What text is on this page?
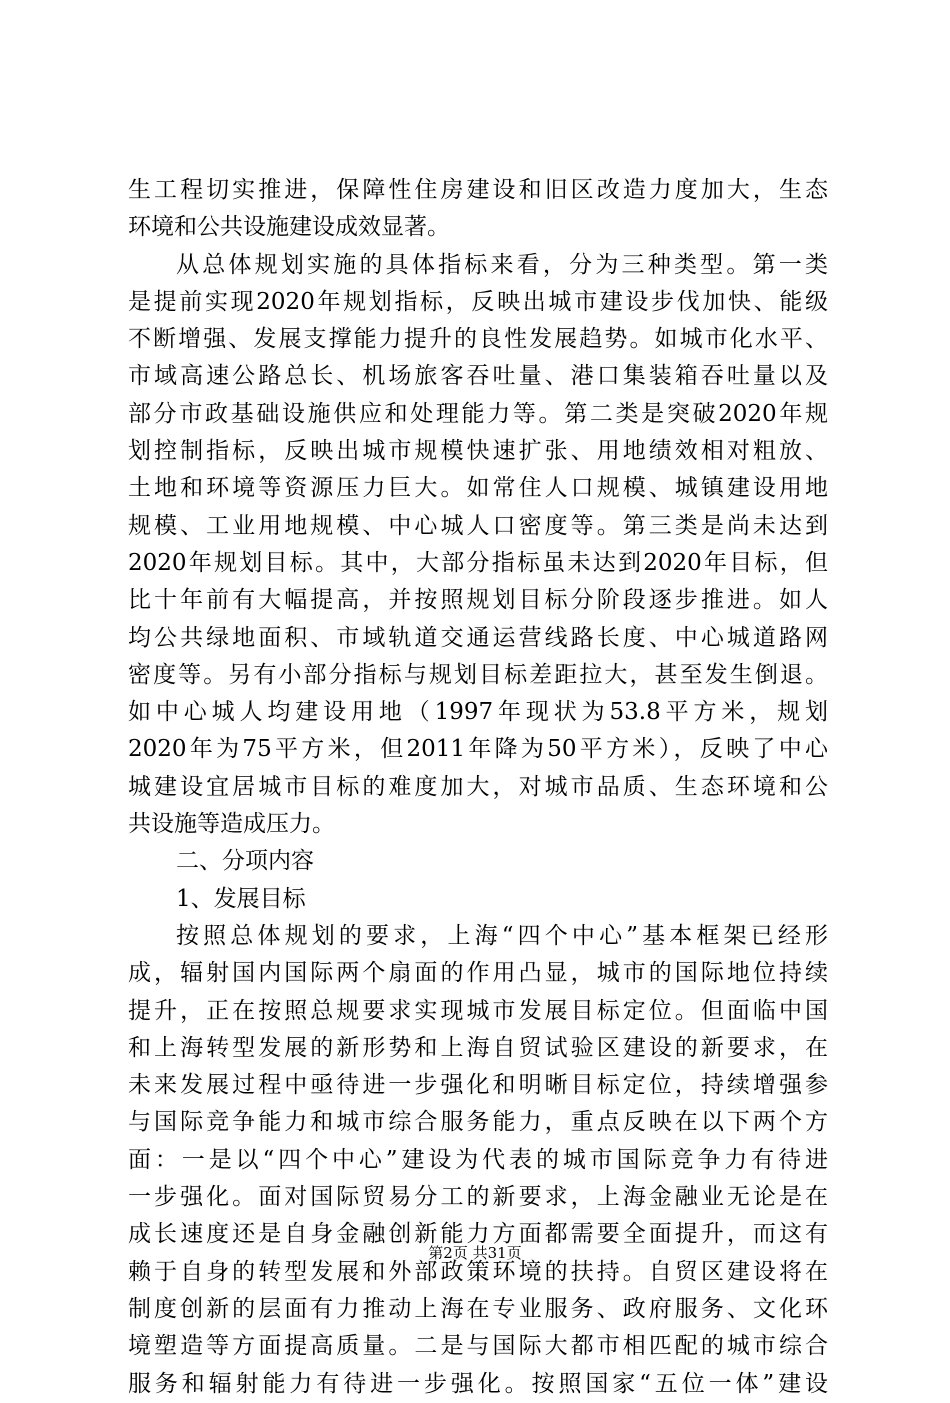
生工程切实推进，保障性住房建设和旧区改造力度加大，生态
环境和公共设施建设成效显著。
从总体规划实施的具体指标来看，分为三种类型。第一类
是提前实现2020年规划指标，反映出城市建设步伐加快、能级
不断增强、发展支撑能力提升的良性发展趋势。如城市化水平、
市域高速公路总长、机场旅客吞吐量、港口集装箱吞吐量以及
部分市政基础设施供应和处理能力等。第二类是突破2020年规
划控制指标，反映出城市规模快速扩张、用地绩效相对粗放、
土地和环境等资源压力巨大。如常住人口规模、城镇建设用地
规模、工业用地规模、中心城人口密度等。第三类是尚未达到
2020年规划目标。其中，大部分指标虽未达到2020年目标，但
比十年前有大幅提高，并按照规划目标分阶段逐步推进。如人
均公共绿地面积、市域轨道交通运营线路长度、中心城道路网
密度等。另有小部分指标与规划目标差距拉大，甚至发生倒退。
如中心城人均建设用地（1997年现状为53.8平方米，规划
2020年为75平方米，但2011年降为50平方米），反映了中心
城建设宜居城市目标的难度加大，对城市品质、生态环境和公
共设施等造成压力。
二、分项内容
1、发展目标
按照总体规划的要求，上海“四个中心”基本框架已经形
成，辐射国内国际两个扇面的作用凸显，城市的国际地位持续
提升，正在按照总规要求实现城市发展目标定位。但面临中国
和上海转型发展的新形势和上海自贸试验区建设的新要求，在
未来发展过程中亟待进一步强化和明晰目标定位，持续增强参
与国际竞争能力和城市综合服务能力，重点反映在以下两个方
面：一是以“四个中心”建设为代表的城市国际竞争力有待进
一步强化。面对国际贸易分工的新要求，上海金融业无论是在
成长速度还是自身金融创新能力方面都需要全面提升，而这有
赖于自身的转型发展和外部政策环境的扶持。自贸区建设将在
制度创新的层面有力推动上海在专业服务、政府服务、文化环
境塑造等方面提高质量。二是与国际大都市相匹配的城市综合
服务和辐射能力有待进一步强化。按照国家“五位一体”建设
第2页 共31页
